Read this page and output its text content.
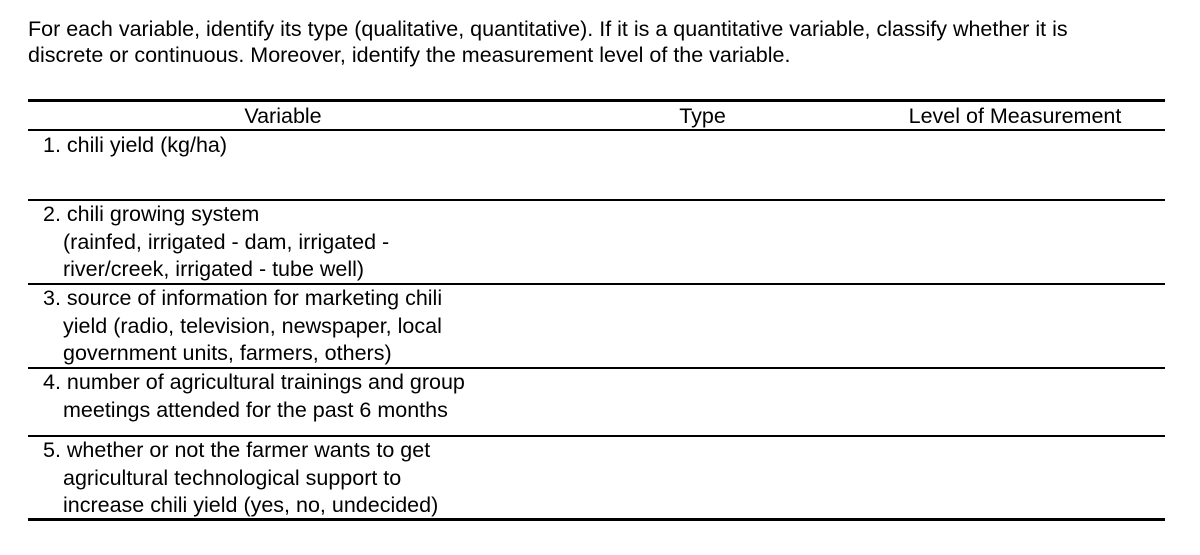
For each variable, identify its type (qualitative, quantitative). If it is a quantitative variable, classify whether it is

discrete or continuous. Moreover, identify the measurement level of the variable.

Variable	Type	Level of Measurement
1. chili yield (kg/ha)
2. chili growing system
(rainfed, irrigated - dam, irrigated -
river/creek, irrigated - tube well)
3. source of information for marketing chili
yield (radio, television, newspaper, local
government units, farmers, others)
4. number of agricultural trainings and group
meetings attended for the past 6 months
5. whether or not the farmer wants to get
agricultural technological support to
increase chili yield (yes, no, undecided)
